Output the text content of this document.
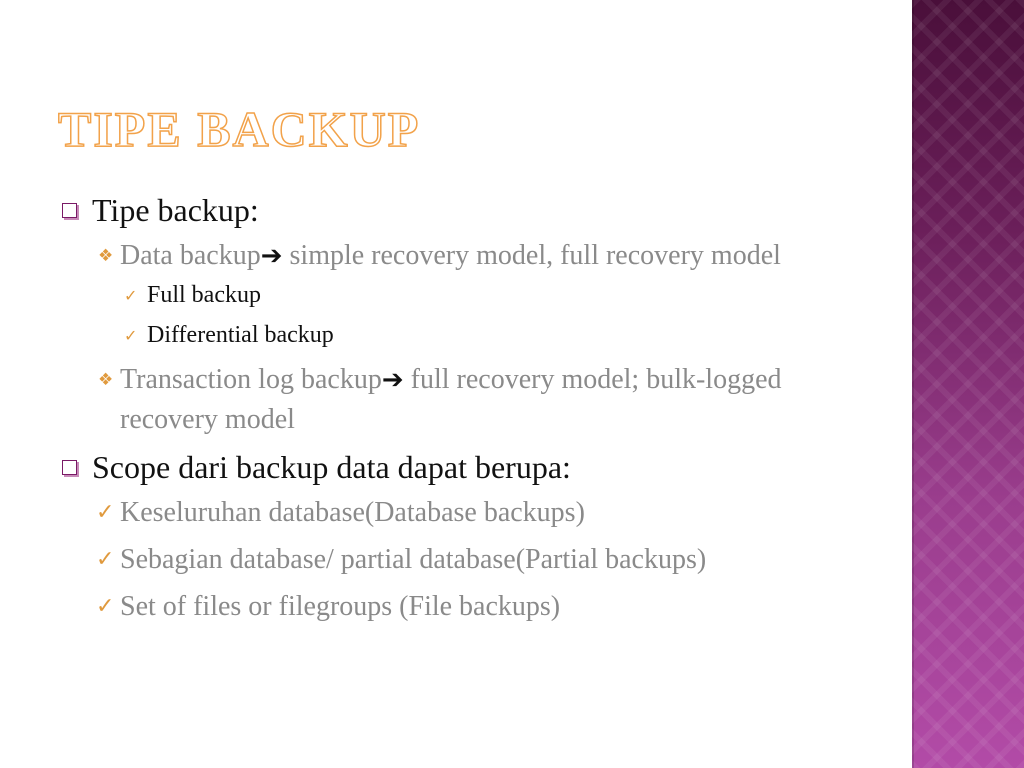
TIPE BACKUP
Tipe backup:
❖ Data backup➔ simple recovery model, full recovery model
✓ Full backup
✓ Differential backup
❖ Transaction log backup➔ full recovery model; bulk-logged recovery model
Scope dari backup data dapat berupa:
✓ Keseluruhan database(Database backups)
✓ Sebagian database/ partial database(Partial backups)
✓ Set of files or filegroups (File backups)
